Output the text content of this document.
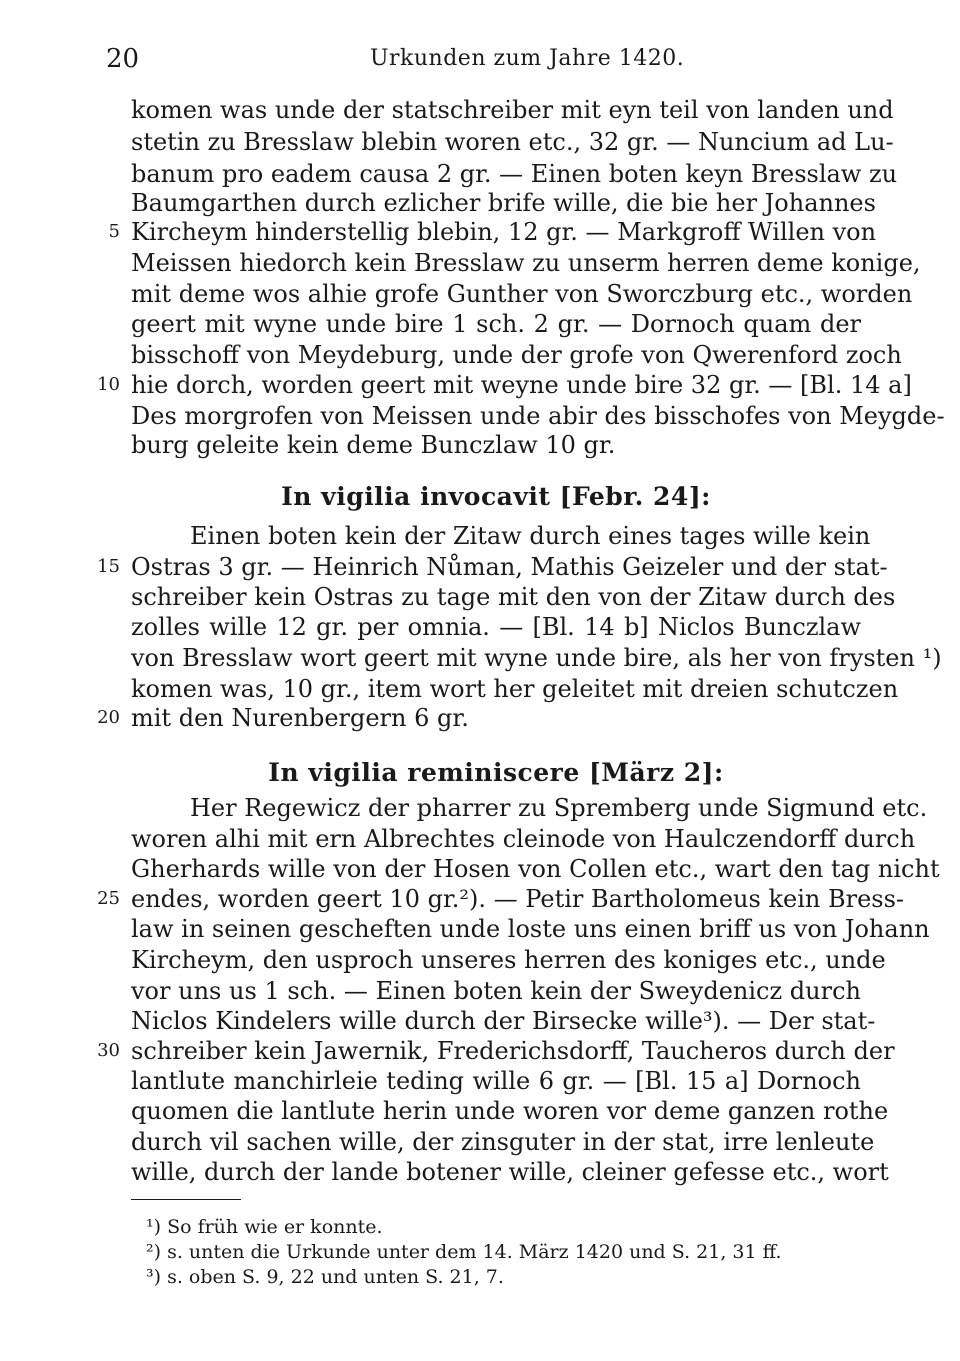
20	Urkunden zum Jahre 1420.
komen was unde der statschreiber mit eyn teil von landen und
stetin zu Bresslaw blebin woren etc., 32 gr. — Nuncium ad Lu-
banum pro eadem causa 2 gr. — Einen boten keyn Bresslaw zu
Baumgarthen durch ezlicher brife wille, die bie her Johannes
Kircheym hinderstellig blebin, 12 gr. — Markgroff Willen von
Meissen hiedorch kein Bresslaw zu unserm herren deme konige,
mit deme wos alhie grofe Gunther von Sworczburg etc., worden
geert mit wyne unde bire 1 sch. 2 gr. — Dornoch quam der
bisschoff von Meydeburg, unde der grofe von Qwerenford zoch
hie dorch, worden geert mit weyne unde bire 32 gr. — [Bl. 14 a]
Des morgrofen von Meissen unde abir des bisschofes von Meygde-
burg geleite kein deme Bunczlaw 10 gr.
In vigilia invocavit [Febr. 24]:
Einen boten kein der Zitaw durch eines tages wille kein
Ostras 3 gr. — Heinrich Nůman, Mathis Geizeler und der stat-
schreiber kein Ostras zu tage mit den von der Zitaw durch des
zolles wille 12 gr. per omnia. — [Bl. 14 b] Niclos Bunczlaw
von Bresslaw wort geert mit wyne unde bire, als her von frysten ¹)
komen was, 10 gr., item wort her geleitet mit dreien schutczen
mit den Nurenbergern 6 gr.
In vigilia reminiscere [März 2]:
Her Regewicz der pharrer zu Spremberg unde Sigmund etc.
woren alhi mit ern Albrechtes cleinode von Haulczendorff durch
Gherhards wille von der Hosen von Collen etc., wart den tag nicht
endes, worden geert 10 gr.²). — Petir Bartholomeus kein Bress-
law in seinen gescheften unde loste uns einen briff us von Johann
Kircheym, den usproch unseres herren des koniges etc., unde
vor uns us 1 sch. — Einen boten kein der Sweydenicz durch
Niclos Kindelers wille durch der Birsecke wille³). — Der stat-
schreiber kein Jawernik, Frederichsdorff, Taucheros durch der
lantlute manchirleie teding wille 6 gr. — [Bl. 15 a] Dornoch
quomen die lantlute herin unde woren vor deme ganzen rothe
durch vil sachen wille, der zinsguter in der stat, irre lenleute
wille, durch der lande botener wille, cleiner gefesse etc., wort
5
10
15
20
25
30
¹) So früh wie er konnte.
²) s. unten die Urkunde unter dem 14. März 1420 und S. 21, 31 ff.
³) s. oben S. 9, 22 und unten S. 21, 7.
